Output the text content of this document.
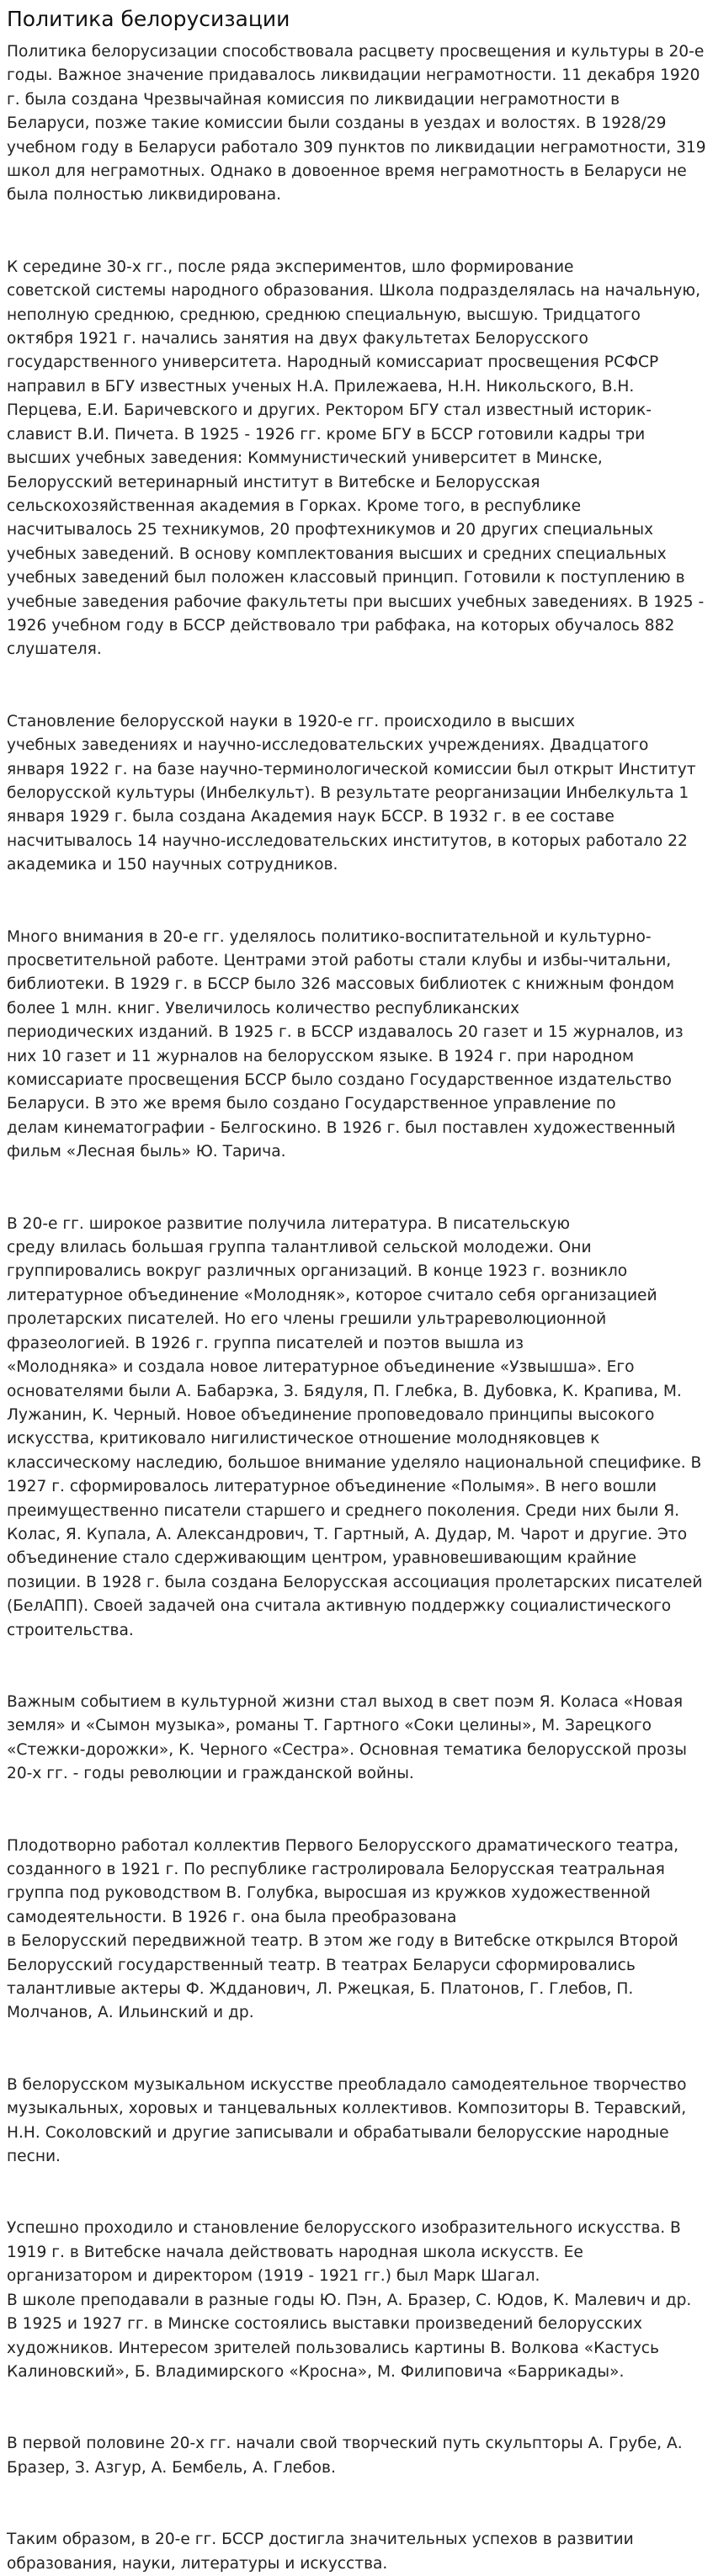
Политика белорусизации

Политика белорусизации способствовала расцвету просвещения и культуры в 20-е годы. Важное значение придавалось ликвидации неграмотности. 11 декабря 1920 г. была создана Чрезвычайная комиссия по ликвидации неграмотности в Беларуси, позже такие комиссии были созданы в уездах и волостях. В 1928/29 учебном году в Беларуси работало 309 пунктов по ликвидации неграмотности, 319 школ для неграмотных. Однако в довоенное время неграмотность в Беларуси не была полностью ликвидирована.

К середине 30-х гг., после ряда экспериментов, шло формирование
советской системы народного образования. Школа подразделялась на начальную, неполную среднюю, среднюю, среднюю специальную, высшую. Тридцатого октября 1921 г. начались занятия на двух факультетах Белорусского государственного университета. Народный комиссариат просвещения РСФСР направил в БГУ известных ученых Н.А. Прилежаева, Н.Н. Никольского, В.Н. Перцева, Е.И. Баричевского и других. Ректором БГУ стал известный историк-славист В.И. Пичета. В 1925 - 1926 гг. кроме БГУ в БССР готовили кадры три высших учебных заведения: Коммунистический университет в Минске, Белорусский ветеринарный институт в Витебске и Белорусская сельскохозяйственная академия в Горках. Кроме того, в республике насчитывалось 25 техникумов, 20 профтехникумов и 20 других специальных учебных заведений. В основу комплектования высших и средних специальных учебных заведений был положен классовый принцип. Готовили к поступлению в учебные заведения рабочие факультеты при высших учебных заведениях. В 1925 - 1926 учебном году в БССР действовало три рабфака, на которых обучалось 882 слушателя.

Становление белорусской науки в 1920-е гг. происходило в высших
учебных заведениях и научно-исследовательских учреждениях. Двадцатого января 1922 г. на базе научно-терминологической комиссии был открыт Институт белорусской культуры (Инбелкульт). В результате реорганизации Инбелкульта 1 января 1929 г. была создана Академия наук БССР. В 1932 г. в ее составе насчитывалось 14 научно-исследовательских институтов, в которых работало 22 академика и 150 научных сотрудников.

Много внимания в 20-е гг. уделялось политико-воспитательной и культурно-просветительной работе. Центрами этой работы стали клубы и избы-читальни, библиотеки. В 1929 г. в БССР было 326 массовых библиотек с книжным фондом более 1 млн. книг. Увеличилось количество республиканских
периодических изданий. В 1925 г. в БССР издавалось 20 газет и 15 журналов, из них 10 газет и 11 журналов на белорусском языке. В 1924 г. при народном комиссариате просвещения БССР было создано Государственное издательство Беларуси. В это же время было создано Государственное управление по
делам кинематографии - Белгоскино. В 1926 г. был поставлен художественный фильм «Лесная быль» Ю. Тарича.

В 20-е гг. широкое развитие получила литература. В писательскую
среду влилась большая группа талантливой сельской молодежи. Они группировались вокруг различных организаций. В конце 1923 г. возникло литературное объединение «Молодняк», которое считало себя организацией пролетарских писателей. Но его члены грешили ультрареволюционной фразеологией. В 1926 г. группа писателей и поэтов вышла из
«Молодняка» и создала новое литературное объединение «Узвышша». Его основателями были А. Бабарэка, З. Бядуля, П. Глебка, В. Дубовка, К. Крапива, М. Лужанин, К. Черный. Новое объединение проповедовало принципы высокого искусства, критиковало нигилистическое отношение молодняковцев к классическому наследию, большое внимание уделяло национальной специфике. В 1927 г. сформировалось литературное объединение «Полымя». В него вошли преимущественно писатели старшего и среднего поколения. Среди них были Я. Колас, Я. Купала, А. Александрович, Т. Гартный, А. Дудар, М. Чарот и другие. Это объединение стало сдерживающим центром, уравновешивающим крайние позиции. В 1928 г. была создана Белорусская ассоциация пролетарских писателей (БелАПП). Своей задачей она считала активную поддержку социалистического строительства.

Важным событием в культурной жизни стал выход в свет поэм Я. Коласа «Новая земля» и «Сымон музыка», романы Т. Гартного «Соки целины», М. Зарецкого «Стежки-дорожки», К. Черного «Сестра». Основная тематика белорусской прозы 20-х гг. - годы революции и гражданской войны.

Плодотворно работал коллектив Первого Белорусского драматического театра, созданного в 1921 г. По республике гастролировала Белорусская театральная группа под руководством В. Голубка, выросшая из кружков художественной самодеятельности. В 1926 г. она была преобразована
в Белорусский передвижной театр. В этом же году в Витебске открылся Второй Белорусский государственный театр. В театрах Беларуси сформировались талантливые актеры Ф. Ждданович, Л. Ржецкая, Б. Платонов, Г. Глебов, П. Молчанов, А. Ильинский и др.

В белорусском музыкальном искусстве преобладало самодеятельное творчество музыкальных, хоровых и танцевальных коллективов. Композиторы В. Теравский, Н.Н. Соколовский и другие записывали и обрабатывали белорусские народные песни.

Успешно проходило и становление белорусского изобразительного искусства. В 1919 г. в Витебске начала действовать народная школа искусств. Ее организатором и директором (1919 - 1921 гг.) был Марк Шагал.
В школе преподавали в разные годы Ю. Пэн, А. Бразер, С. Юдов, К. Малевич и др. В 1925 и 1927 гг. в Минске состоялись выставки произведений белорусских художников. Интересом зрителей пользовались картины В. Волкова «Кастусь Калиновский», Б. Владимирского «Кросна», М. Филиповича «Баррикады».

В первой половине 20-х гг. начали свой творческий путь скульпторы А. Грубе, А. Бразер, З. Азгур, А. Бембель, А. Глебов.

Таким образом, в 20-е гг. БССР достигла значительных успехов в развитии образования, науки, литературы и искусства.
